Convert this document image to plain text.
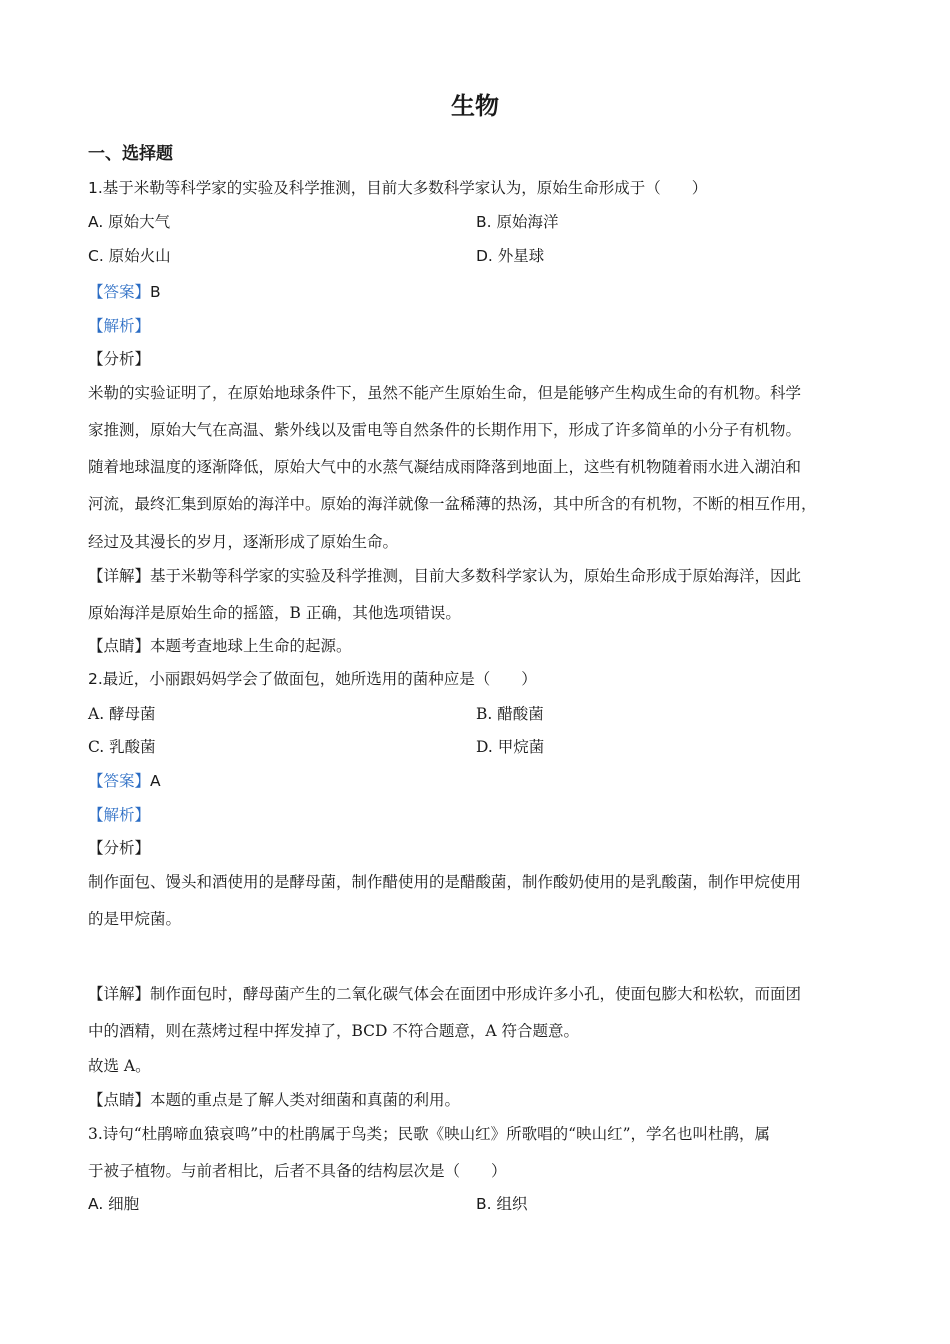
生物
一、选择题
1.基于米勒等科学家的实验及科学推测，目前大多数科学家认为，原始生命形成于（　　）
A. 原始大气	B. 原始海洋
C. 原始火山	D. 外星球
【答案】B
【解析】
【分析】
米勒的实验证明了，在原始地球条件下，虽然不能产生原始生命，但是能够产生构成生命的有机物。科学
家推测，原始大气在高温、紫外线以及雷电等自然条件的长期作用下，形成了许多简单的小分子有机物。
随着地球温度的逐渐降低，原始大气中的水蒸气凝结成雨降落到地面上，这些有机物随着雨水进入湖泊和
河流，最终汇集到原始的海洋中。原始的海洋就像一盆稀薄的热汤，其中所含的有机物，不断的相互作用，
经过及其漫长的岁月，逐渐形成了原始生命。
【详解】基于米勒等科学家的实验及科学推测，目前大多数科学家认为，原始生命形成于原始海洋，因此
原始海洋是原始生命的摇篮，B 正确，其他选项错误。
【点睛】本题考查地球上生命的起源。
2.最近，小丽跟妈妈学会了做面包，她所选用的菌种应是（　　）
A. 酵母菌	B. 醋酸菌
C. 乳酸菌	D. 甲烷菌
【答案】A
【解析】
【分析】
制作面包、馒头和酒使用的是酵母菌，制作醋使用的是醋酸菌，制作酸奶使用的是乳酸菌，制作甲烷使用
的是甲烷菌。
【详解】制作面包时，酵母菌产生的二氧化碳气体会在面团中形成许多小孔，使面包膨大和松软，而面团
中的酒精，则在蒸烤过程中挥发掉了，BCD 不符合题意，A 符合题意。
故选 A。
【点睛】本题的重点是了解人类对细菌和真菌的利用。
3.诗句“杜鹃啼血猿哀鸣”中的杜鹃属于鸟类；民歌《映山红》所歌唱的“映山红”，学名也叫杜鹃，属
于被子植物。与前者相比，后者不具备的结构层次是（　　）
A. 细胞	B. 组织
